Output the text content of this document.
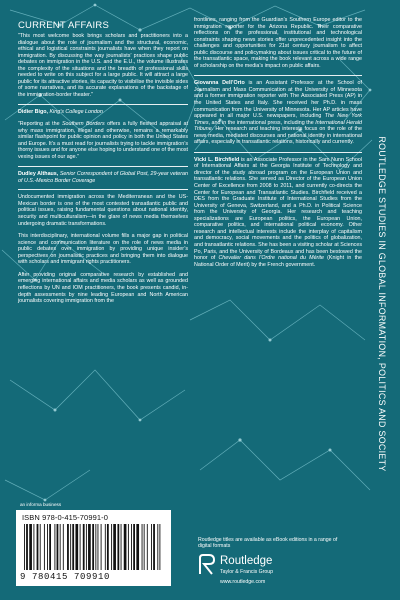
CURRENT AFFAIRS

“This most welcome book brings scholars and practitioners into a dialogue about the role of journalism and the structural, economic, ethical and logistical constraints journalists have when they report on immigration. By discussing the way journalists’ practices shape public debates on immigration in the U.S. and the E.U., the volume illustrates the complexity of the situations and the breadth of professional skills needed to write on this subject for a large public. It will attract a large public for its attractive stories, its capacity to visibilise the invisible sides of some narratives, and its accurate explanations of the backstage of the immigration-border theater.”

Didier Bigo, King’s College London

“Reporting at the Southern Borders offers a fully fleshed appraisal at why mass immigration, illegal and otherwise, remains a remarkably similar flashpoint for public opinion and policy in both the United States and Europe. It’s a must read for journalists trying to tackle immigration’s thorny issues and for anyone else hoping to understand one of the most vexing issues of our age.”

Dudley Althaus, Senior Correspondent of Global Post, 29-year veteran of U.S.-Mexico Border Coverage

Undocumented immigration across the Mediterranean and the US-Mexican border is one of the most contested transatlantic public and political issues, raising fundamental questions about national identity, security and multiculturalism—in the glare of news media themselves undergoing dramatic transformations.

This interdisciplinary, international volume fills a major gap in political science and communication literature on the role of news media in public debates over immigration by providing unique insider’s perspectives on journalistic practices and bringing them into dialogue with scholars and immigrant rights practitioners.

After providing original comparative research by established and emerging international affairs and media scholars as well as grounded reflections by UN and IOM practitioners, the book presents candid, in-depth assessments by nine leading European and North American journalists covering immigration from the

frontlines, ranging from the Guardian’s Southern Europe editor to the immigration reporter for the Arizona Republic. Their comparative reflections on the professional, institutional and technological constraints shaping news stories offer unprecedented insight into the challenges and opportunities for 21st century journalism to affect public discourse and policymaking about issues critical to the future of the transatlantic space, making the book relevant across a wide range of scholarship on the media’s impact on public affairs.

Giovanna Dell’Orto is an Assistant Professor at the School of Journalism and Mass Communication at the University of Minnesota and a former immigration reporter with The Associated Press (AP) in the United States and Italy. She received her Ph.D. in mass communication from the University of Minnesota. Her AP articles have appeared in all major U.S. newspapers, including The New York Times, and in the international press, including the International Herald Tribune. Her research and teaching interests focus on the role of the news media, mediated discourses and national identity in international affairs, especially in transatlantic relations, historically and currently.

Vicki L. Birchfield is an Associate Professor in the Sam Nunn School of International Affairs at the Georgia Institute of Technology and director of the study abroad program on the European Union and transatlantic relations. She served as Director of the European Union Center of Excellence from 2008 to 2011, and currently co-directs the Center for European and Transatlantic Studies. Birchfield received a DES from the Graduate Institute of International Studies from the University of Geneva, Switzerland, and a Ph.D. in Political Science from the University of Georgia. Her research and teaching specializations are European politics, the European Union, comparative politics, and international political economy. Other research and intellectual interests include the interplay of capitalism and democracy, social movements and the politics of globalization, and transatlantic relations. She has been a visiting scholar at Sciences Po, Paris, and the University of Bordeaux and has been bestowed the honor of Chevalier dans l’Ordre national du Mérite (Knight in the National Order of Merit) by the French government.	ROUTLEDGE STUDIES IN GLOBAL INFORMATION, POLITICS AND SOCIETY
an informa business
ISBN 978-0-415-70991-0
9 780415 709910
Routledge titles are available as eBook editions in a range of digital formats
Routledge
Taylor & Francis Group
www.routledge.com
